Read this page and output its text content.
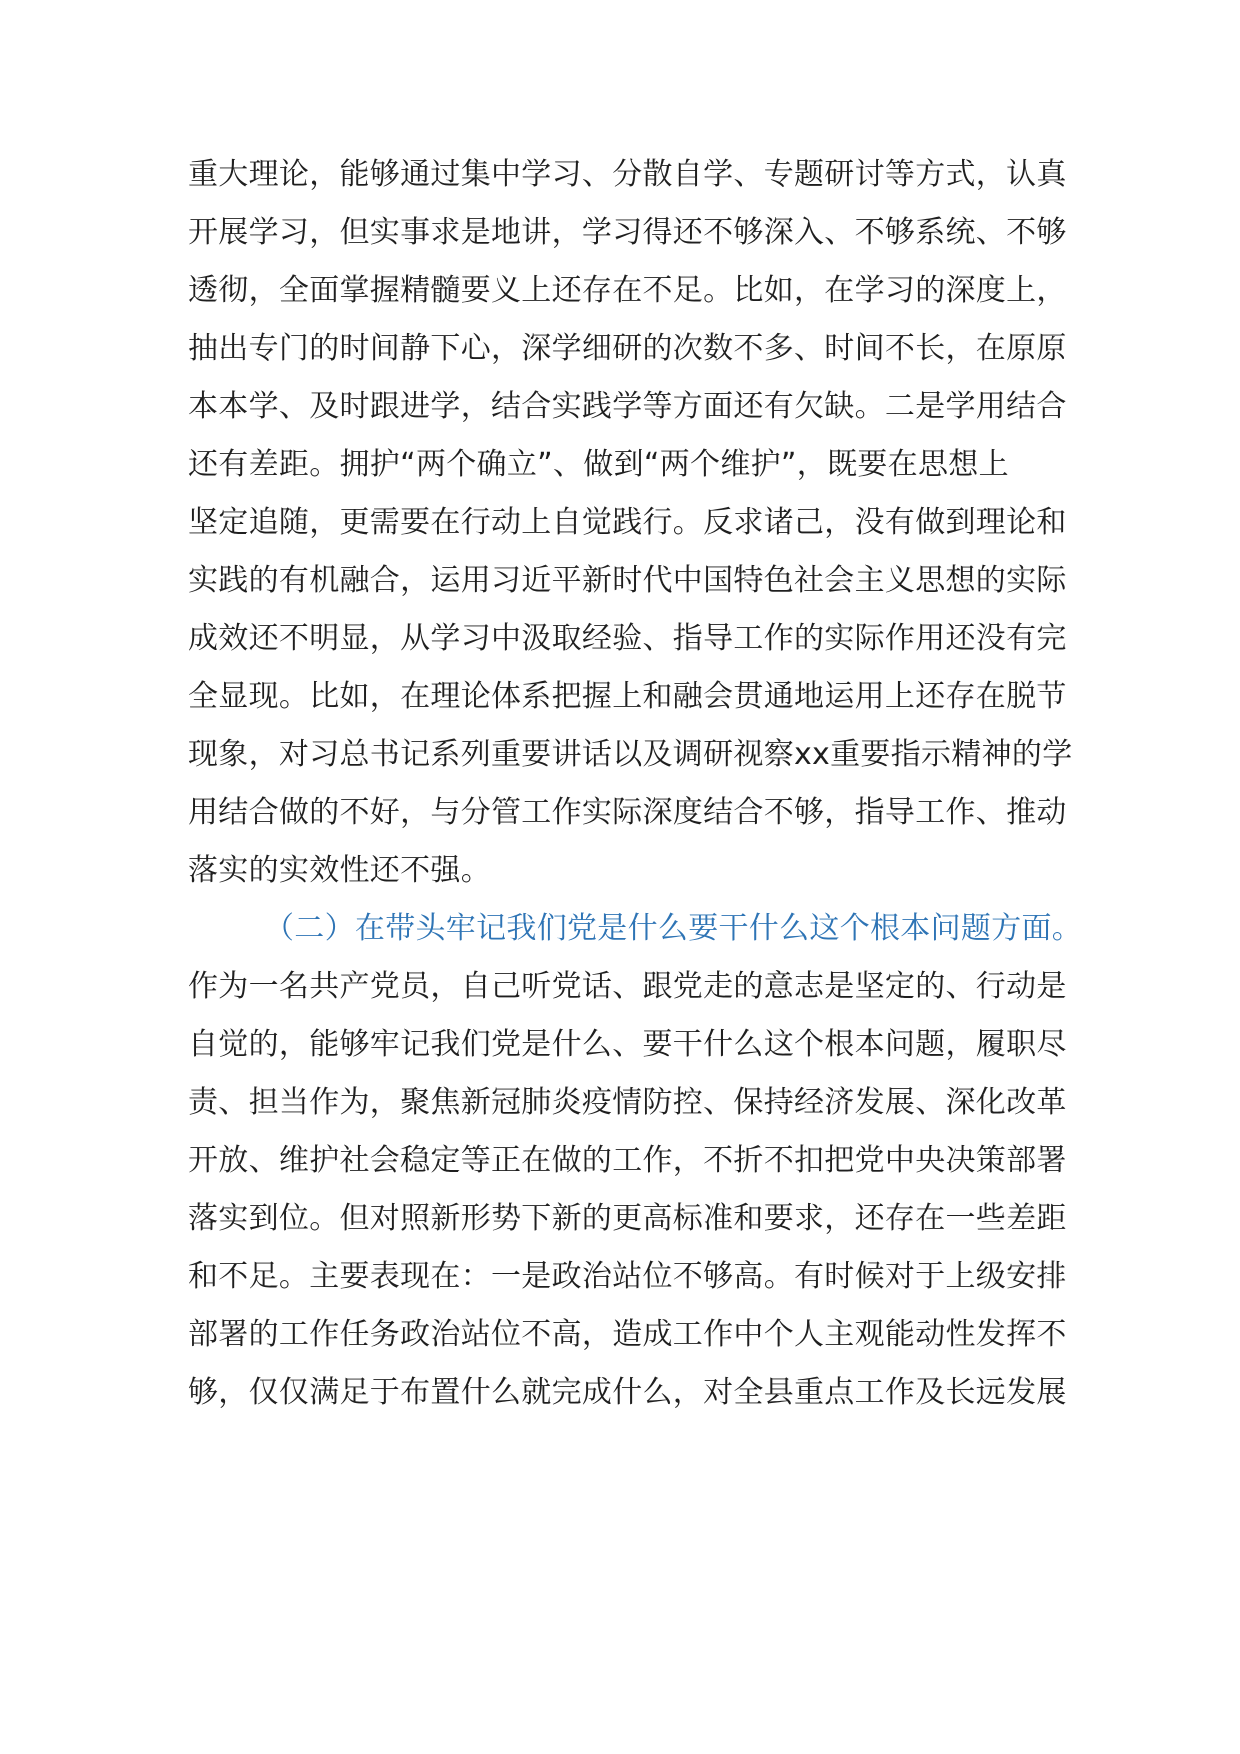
重大理论，能够通过集中学习、分散自学、专题研讨等方式，认真
开展学习，但实事求是地讲，学习得还不够深入、不够系统、不够
透彻，全面掌握精髓要义上还存在不足。比如，在学习的深度上，
抽出专门的时间静下心，深学细研的次数不多、时间不长，在原原
本本学、及时跟进学，结合实践学等方面还有欠缺。二是学用结合
还有差距。拥护“两个确立”、做到“两个维护”，既要在思想上
坚定追随，更需要在行动上自觉践行。反求诸己，没有做到理论和
实践的有机融合，运用习近平新时代中国特色社会主义思想的实际
成效还不明显，从学习中汲取经验、指导工作的实际作用还没有完
全显现。比如，在理论体系把握上和融会贯通地运用上还存在脱节
现象，对习总书记系列重要讲话以及调研视察xx重要指示精神的学
用结合做的不好，与分管工作实际深度结合不够，指导工作、推动
落实的实效性还不强。
（二）在带头牢记我们党是什么要干什么这个根本问题方面。
作为一名共产党员，自己听党话、跟党走的意志是坚定的、行动是
自觉的，能够牢记我们党是什么、要干什么这个根本问题，履职尽
责、担当作为，聚焦新冠肺炎疫情防控、保持经济发展、深化改革
开放、维护社会稳定等正在做的工作，不折不扣把党中央决策部署
落实到位。但对照新形势下新的更高标准和要求，还存在一些差距
和不足。主要表现在：一是政治站位不够高。有时候对于上级安排
部署的工作任务政治站位不高，造成工作中个人主观能动性发挥不
够，仅仅满足于布置什么就完成什么，对全县重点工作及长远发展
